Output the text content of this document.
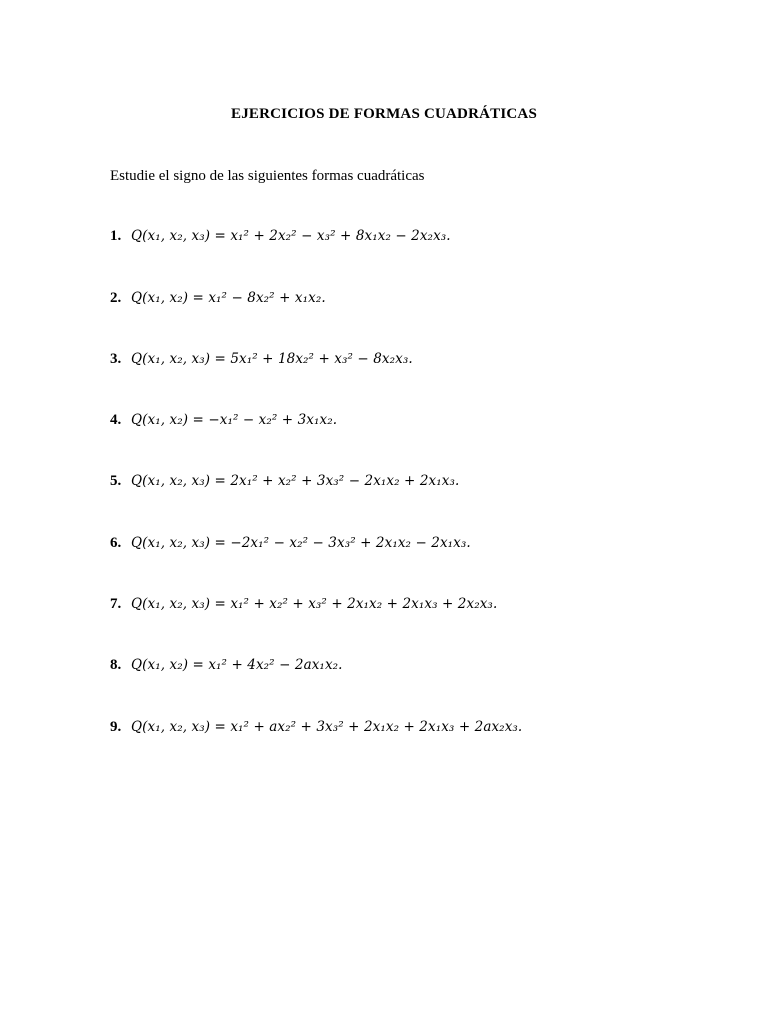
EJERCICIOS DE FORMAS CUADRÁTICAS
Estudie el signo de las siguientes formas cuadráticas
1. Q(x₁, x₂, x₃) = x₁² + 2x₂² − x₃² + 8x₁x₂ − 2x₂x₃.
2. Q(x₁, x₂) = x₁² − 8x₂² + x₁x₂.
3. Q(x₁, x₂, x₃) = 5x₁² + 18x₂² + x₃² − 8x₂x₃.
4. Q(x₁, x₂) = −x₁² − x₂² + 3x₁x₂.
5. Q(x₁, x₂, x₃) = 2x₁² + x₂² + 3x₃² − 2x₁x₂ + 2x₁x₃.
6. Q(x₁, x₂, x₃) = −2x₁² − x₂² − 3x₃² + 2x₁x₂ − 2x₁x₃.
7. Q(x₁, x₂, x₃) = x₁² + x₂² + x₃² + 2x₁x₂ + 2x₁x₃ + 2x₂x₃.
8. Q(x₁, x₂) = x₁² + 4x₂² − 2ax₁x₂.
9. Q(x₁, x₂, x₃) = x₁² + ax₂² + 3x₃² + 2x₁x₂ + 2x₁x₃ + 2ax₂x₃.
